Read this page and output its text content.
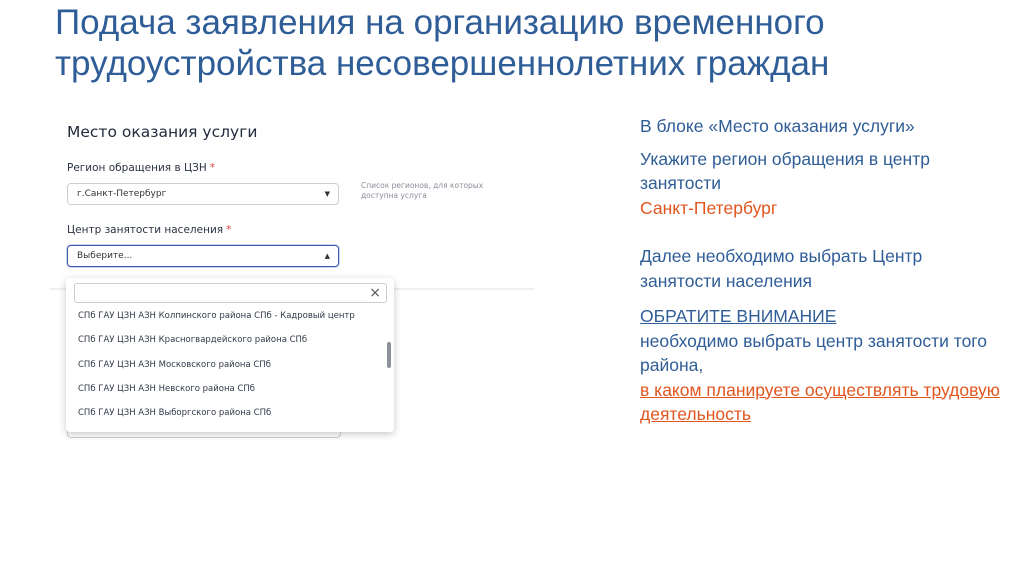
Подача заявления на организацию временного трудоустройства несовершеннолетних граждан
Место оказания услуги
Регион обращения в ЦЗН *
г.Санкт-Петербург	▼
Список регионов, для которых доступна услуга
Центр занятости населения *
Выберите...	▲
×
СПб ГАУ ЦЗН АЗН Колпинского района СПб - Кадровый центр
СПб ГАУ ЦЗН АЗН Красногвардейского района СПб
СПб ГАУ ЦЗН АЗН Московского района СПб
СПб ГАУ ЦЗН АЗН Невского района СПб
СПб ГАУ ЦЗН АЗН Выборгского района СПб

В блоке «Место оказания услуги»

Укажите регион обращения в центр занятости

Санкт-Петербург

Далее необходимо выбрать Центр занятости населения

ОБРАТИТЕ ВНИМАНИЕ

необходимо выбрать центр занятости того района,

в каком планируете осуществлять трудовую деятельность
